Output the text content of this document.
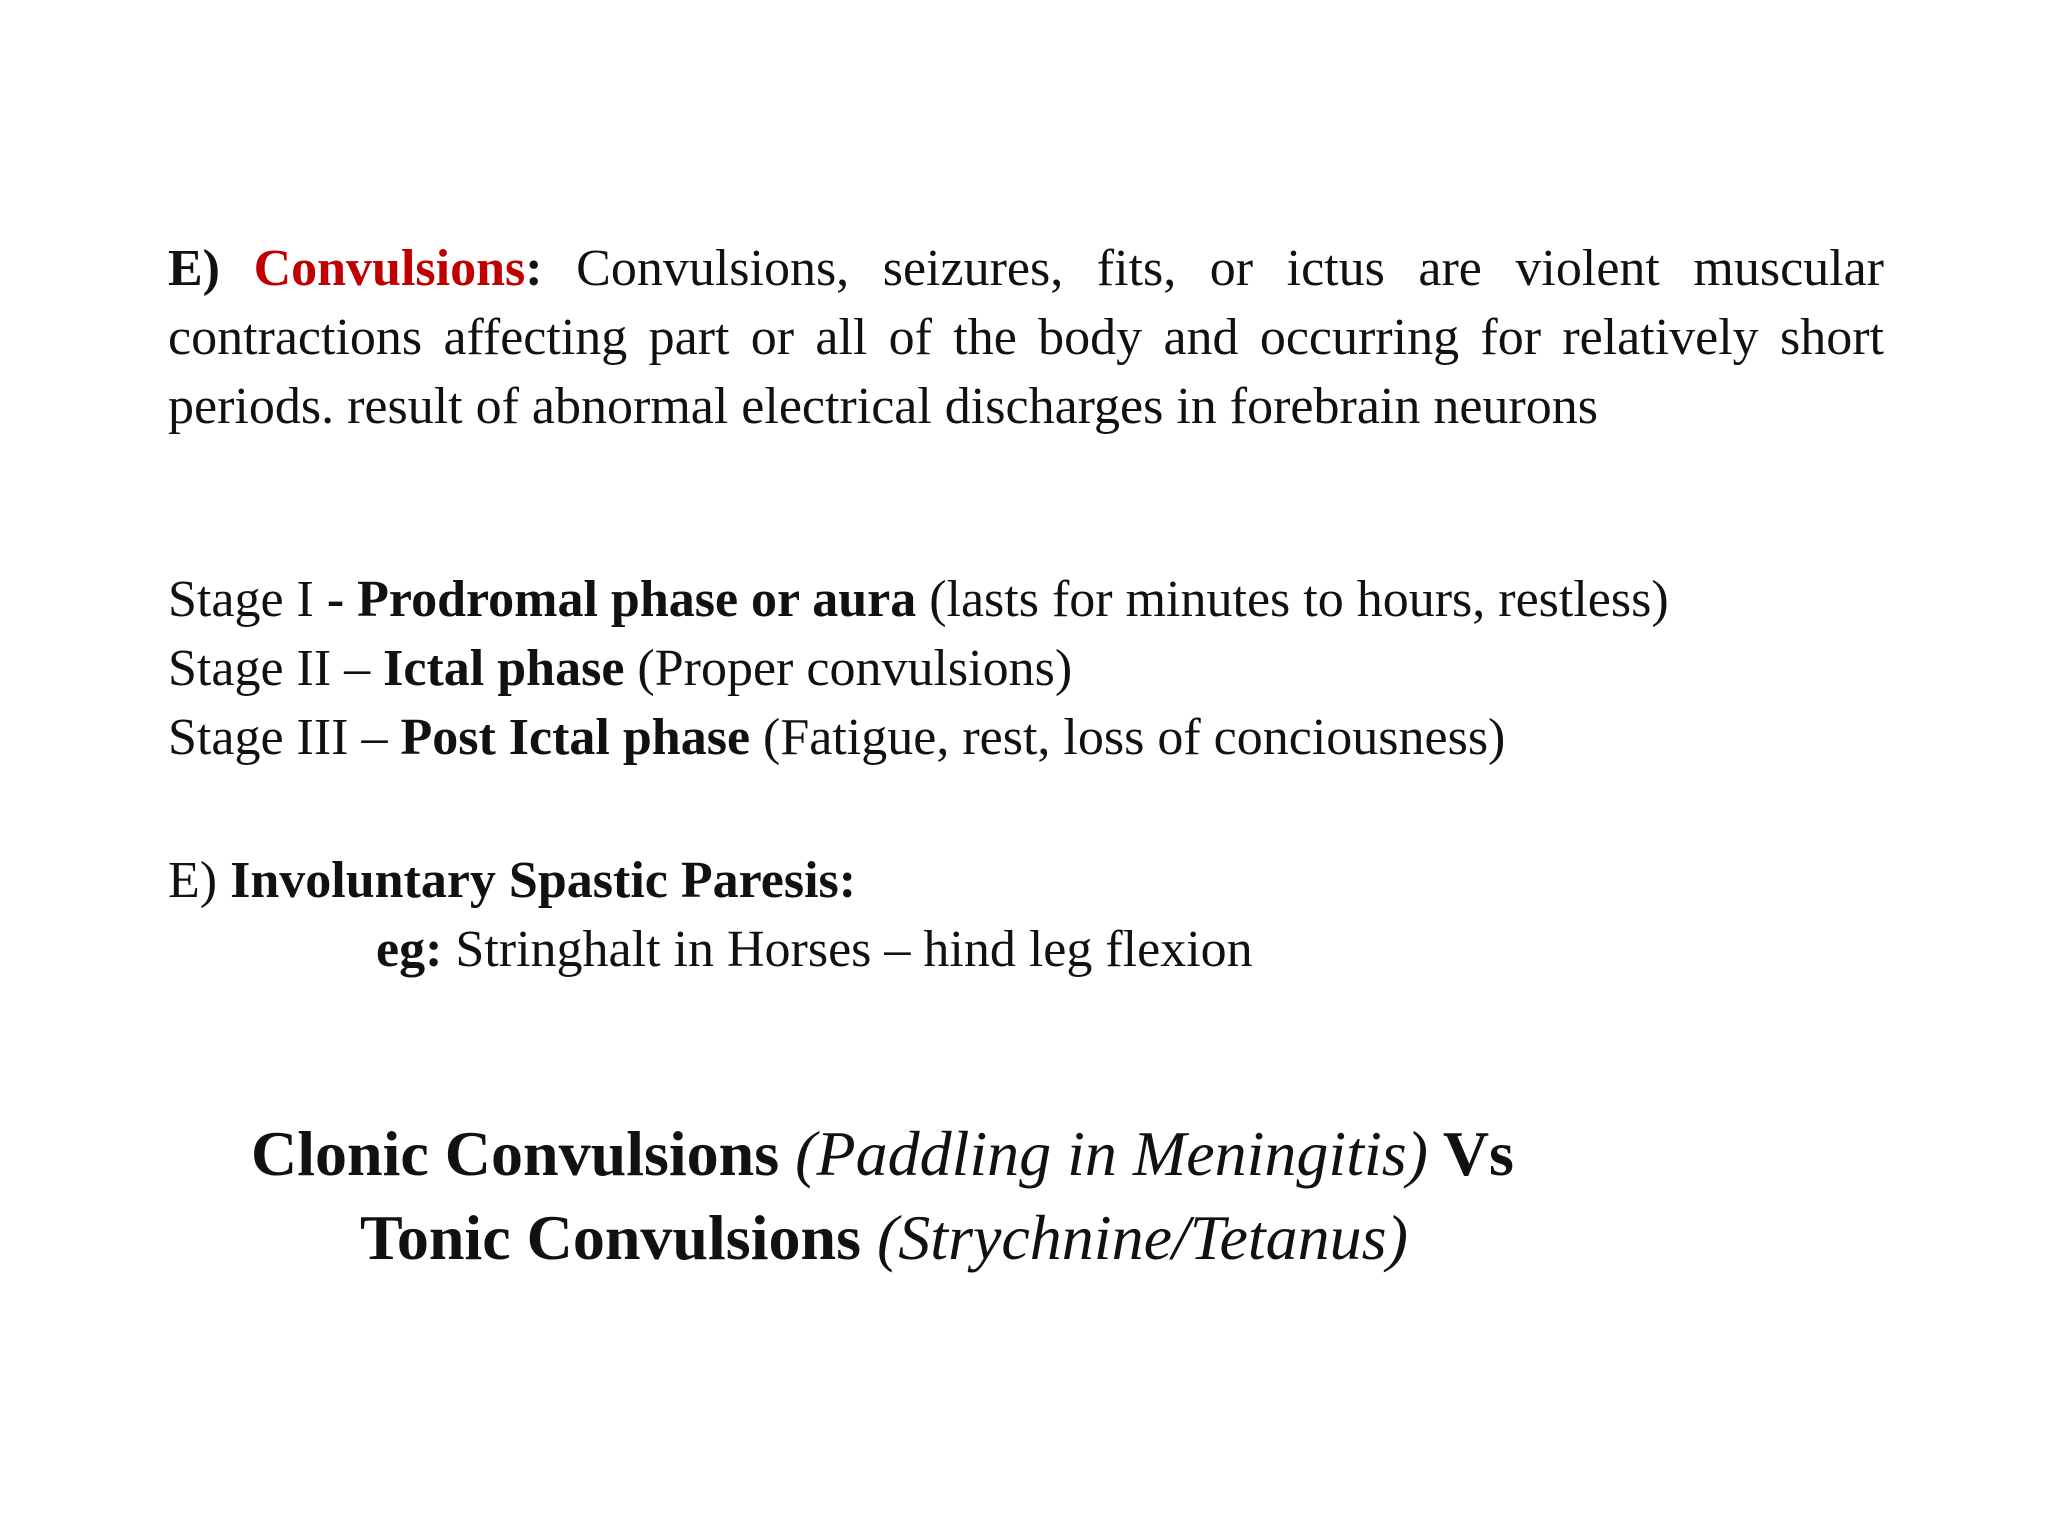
E) Convulsions: Convulsions, seizures, fits, or ictus are violent muscular contractions affecting part or all of the body and occurring for relatively short periods. result of abnormal electrical discharges in forebrain neurons

Stage I - Prodromal phase or aura (lasts for minutes to hours, restless)
Stage II – Ictal phase (Proper convulsions)
Stage III – Post Ictal phase (Fatigue, rest, loss of conciousness)
E) Involuntary Spastic Paresis:
eg: Stringhalt in Horses – hind leg flexion
Clonic Convulsions (Paddling in Meningitis) Vs
Tonic Convulsions (Strychnine/Tetanus)
